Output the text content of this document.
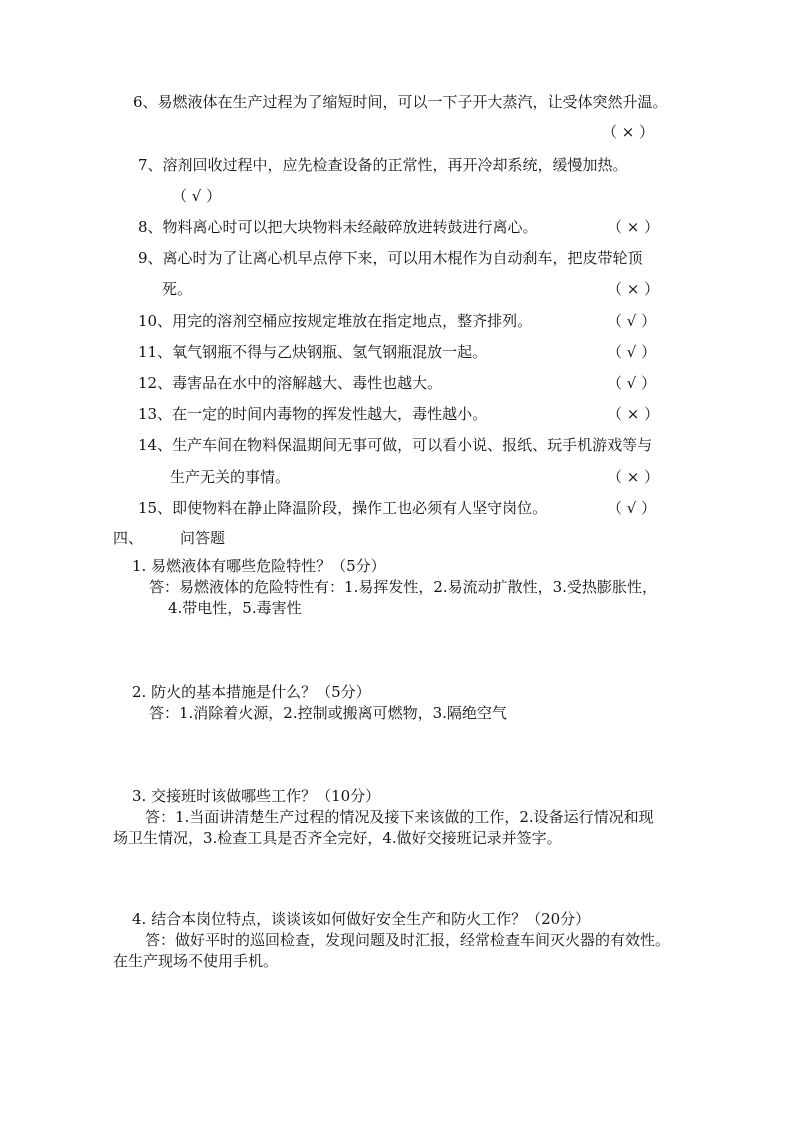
6、易燃液体在生产过程为了缩短时间，可以一下子开大蒸汽，让受体突然升温。
（ × ）
7、溶剂回收过程中，应先检查设备的正常性，再开冷却系统，缓慢加热。
（ √ ）
8、物料离心时可以把大块物料未经敲碎放进转鼓进行离心。	（ × ）
9、离心时为了让离心机早点停下来，可以用木棍作为自动刹车，把皮带轮顶
死。	（ × ）
10、用完的溶剂空桶应按规定堆放在指定地点，整齐排列。	（ √ ）
11、氧气钢瓶不得与乙炔钢瓶、氢气钢瓶混放一起。	（ √ ）
12、毒害品在水中的溶解越大、毒性也越大。	（ √ ）
13、在一定的时间内毒物的挥发性越大，毒性越小。	（ × ）
14、生产车间在物料保温期间无事可做，可以看小说、报纸、玩手机游戏等与
生产无关的事情。	（ × ）
15、即使物料在静止降温阶段，操作工也必须有人坚守岗位。	（ √ ）
四、 问答题
1. 易燃液体有哪些危险特性？（5分）
答：易燃液体的危险特性有：1.易挥发性，2.易流动扩散性，3.受热膨胀性，
4.带电性，5.毒害性
2. 防火的基本措施是什么？（5分）
答：1.消除着火源，2.控制或搬离可燃物，3.隔绝空气
3. 交接班时该做哪些工作？（10分）
答：1.当面讲清楚生产过程的情况及接下来该做的工作，2.设备运行情况和现
场卫生情况，3.检查工具是否齐全完好，4.做好交接班记录并签字。
4. 结合本岗位特点，谈谈该如何做好安全生产和防火工作？（20分）
答：做好平时的巡回检查，发现问题及时汇报，经常检查车间灭火器的有效性。
在生产现场不使用手机。
